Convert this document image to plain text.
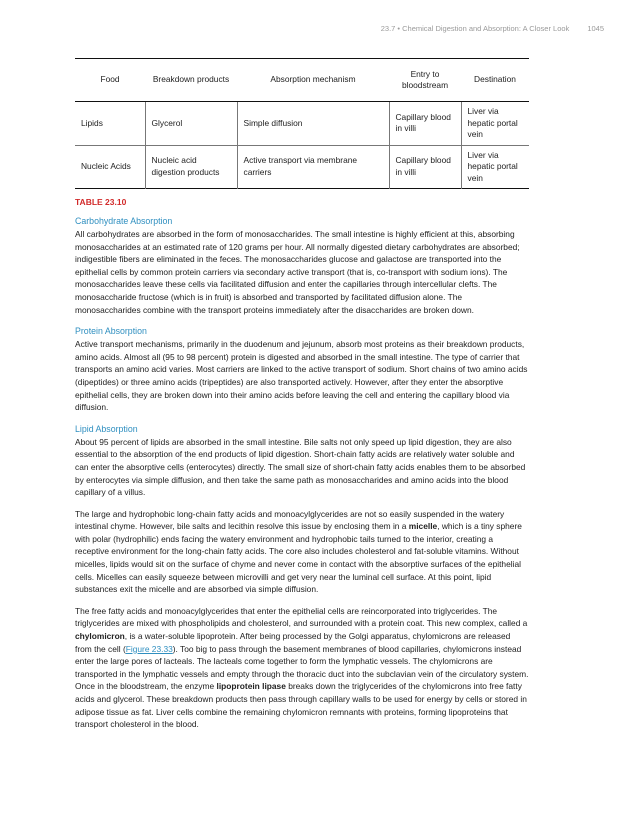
23.7 • Chemical Digestion and Absorption: A Closer Look 1045
Food	Breakdown products	Absorption mechanism	Entry to bloodstream	Destination
Lipids	Glycerol	Simple diffusion	Capillary blood in villi	Liver via hepatic portal vein
Nucleic Acids	Nucleic acid digestion products	Active transport via membrane carriers	Capillary blood in villi	Liver via hepatic portal vein
TABLE 23.10
Carbohydrate Absorption

All carbohydrates are absorbed in the form of monosaccharides. The small intestine is highly efficient at this, absorbing monosaccharides at an estimated rate of 120 grams per hour. All normally digested dietary carbohydrates are absorbed; indigestible fibers are eliminated in the feces. The monosaccharides glucose and galactose are transported into the epithelial cells by common protein carriers via secondary active transport (that is, co-transport with sodium ions). The monosaccharides leave these cells via facilitated diffusion and enter the capillaries through intercellular clefts. The monosaccharide fructose (which is in fruit) is absorbed and transported by facilitated diffusion alone. The monosaccharides combine with the transport proteins immediately after the disaccharides are broken down.

Protein Absorption

Active transport mechanisms, primarily in the duodenum and jejunum, absorb most proteins as their breakdown products, amino acids. Almost all (95 to 98 percent) protein is digested and absorbed in the small intestine. The type of carrier that transports an amino acid varies. Most carriers are linked to the active transport of sodium. Short chains of two amino acids (dipeptides) or three amino acids (tripeptides) are also transported actively. However, after they enter the absorptive epithelial cells, they are broken down into their amino acids before leaving the cell and entering the capillary blood via diffusion.

Lipid Absorption

About 95 percent of lipids are absorbed in the small intestine. Bile salts not only speed up lipid digestion, they are also essential to the absorption of the end products of lipid digestion. Short-chain fatty acids are relatively water soluble and can enter the absorptive cells (enterocytes) directly. The small size of short-chain fatty acids enables them to be absorbed by enterocytes via simple diffusion, and then take the same path as monosaccharides and amino acids into the blood capillary of a villus.

The large and hydrophobic long-chain fatty acids and monoacylglycerides are not so easily suspended in the watery intestinal chyme. However, bile salts and lecithin resolve this issue by enclosing them in a micelle, which is a tiny sphere with polar (hydrophilic) ends facing the watery environment and hydrophobic tails turned to the interior, creating a receptive environment for the long-chain fatty acids. The core also includes cholesterol and fat-soluble vitamins. Without micelles, lipids would sit on the surface of chyme and never come in contact with the absorptive surfaces of the epithelial cells. Micelles can easily squeeze between microvilli and get very near the luminal cell surface. At this point, lipid substances exit the micelle and are absorbed via simple diffusion.

The free fatty acids and monoacylglycerides that enter the epithelial cells are reincorporated into triglycerides. The triglycerides are mixed with phospholipids and cholesterol, and surrounded with a protein coat. This new complex, called a chylomicron, is a water-soluble lipoprotein. After being processed by the Golgi apparatus, chylomicrons are released from the cell (Figure 23.33). Too big to pass through the basement membranes of blood capillaries, chylomicrons instead enter the large pores of lacteals. The lacteals come together to form the lymphatic vessels. The chylomicrons are transported in the lymphatic vessels and empty through the thoracic duct into the subclavian vein of the circulatory system. Once in the bloodstream, the enzyme lipoprotein lipase breaks down the triglycerides of the chylomicrons into free fatty acids and glycerol. These breakdown products then pass through capillary walls to be used for energy by cells or stored in adipose tissue as fat. Liver cells combine the remaining chylomicron remnants with proteins, forming lipoproteins that transport cholesterol in the blood.
